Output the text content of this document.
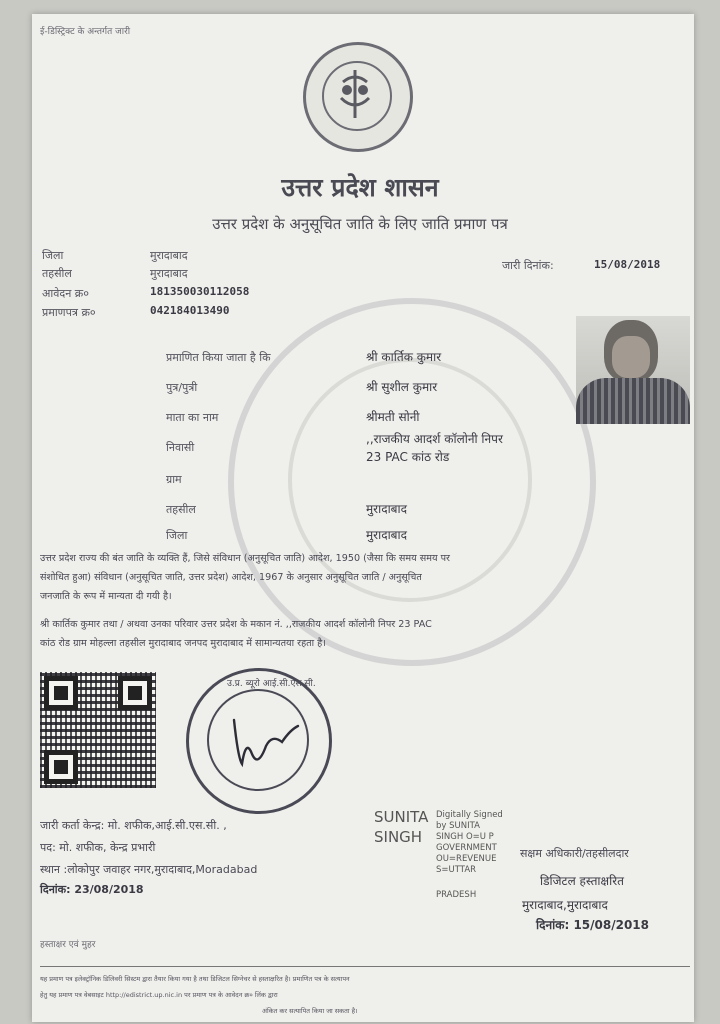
ई-डिस्ट्रिक्ट के अन्तर्गत जारी
उत्तर प्रदेश शासन
उत्तर प्रदेश के अनुसूचित जाति के लिए जाति प्रमाण पत्र
जिला	मुरादाबाद
तहसील	मुरादाबाद
आवेदन क्र०	181350030112058
प्रमाणपत्र क्र०	042184013490
जारी दिनांक:	15/08/2018
प्रमाणित किया जाता है कि	श्री कार्तिक कुमार
पुत्र/पुत्री	श्री सुशील कुमार
माता का नाम	श्रीमती सोनी
निवासी
,,राजकीय आदर्श कॉलोनी निपर
23 PAC कांठ रोड
ग्राम
तहसील	मुरादाबाद
जिला	मुरादाबाद
उत्तर प्रदेश राज्य की बंत जाति के व्यक्ति हैं, जिसे संविधान (अनुसूचित जाति) आदेश, 1950 (जैसा कि समय समय पर
संशोधित हुआ) संविधान (अनुसूचित जाति, उत्तर प्रदेश) आदेश, 1967 के अनुसार अनुसूचित जाति / अनुसूचित
जनजाति के रूप में मान्यता दी गयी है।
श्री कार्तिक कुमार तथा / अथवा उनका परिवार उत्तर प्रदेश के मकान नं. ,,राजकीय आदर्श कॉलोनी निपर 23 PAC
कांठ रोड ग्राम मोहल्ला तहसील मुरादाबाद जनपद मुरादाबाद में सामान्यतया रहता है।
उ.प्र. ब्यूरो आई.सी.एस.सी.
जारी कर्ता केन्द्र: मो. शफीक,आई.सी.एस.सी. ,
पद: मो. शफीक, केन्द्र प्रभारी
स्थान :लोकोपुर जवाहर नगर,मुरादाबाद,Moradabad
दिनांक: 23/08/2018
SUNITA
SINGH
Digitally Signed
by SUNITA
SINGH O=U P
GOVERNMENT
OU=REVENUE
S=UTTAR
PRADESH
सक्षम अधिकारी/तहसीलदार
डिजिटल हस्ताक्षरित
मुरादाबाद,मुरादाबाद
दिनांक: 15/08/2018
हस्ताक्षर एवं मुहर
यह प्रमाण पत्र इलेक्ट्रॉनिक डिलिवरी सिस्टम द्वारा तैयार किया गया है तथा डिजिटल सिग्नेचर से हस्ताक्षरित है। प्रमाणित पत्र के सत्यापन
हेतु यह प्रमाण पत्र वेबसाइट http://edistrict.up.nic.in पर प्रमाण पत्र के आवेदन क्र० लिंक द्वारा
अंकित कर सत्यापित किया जा सकता है।
